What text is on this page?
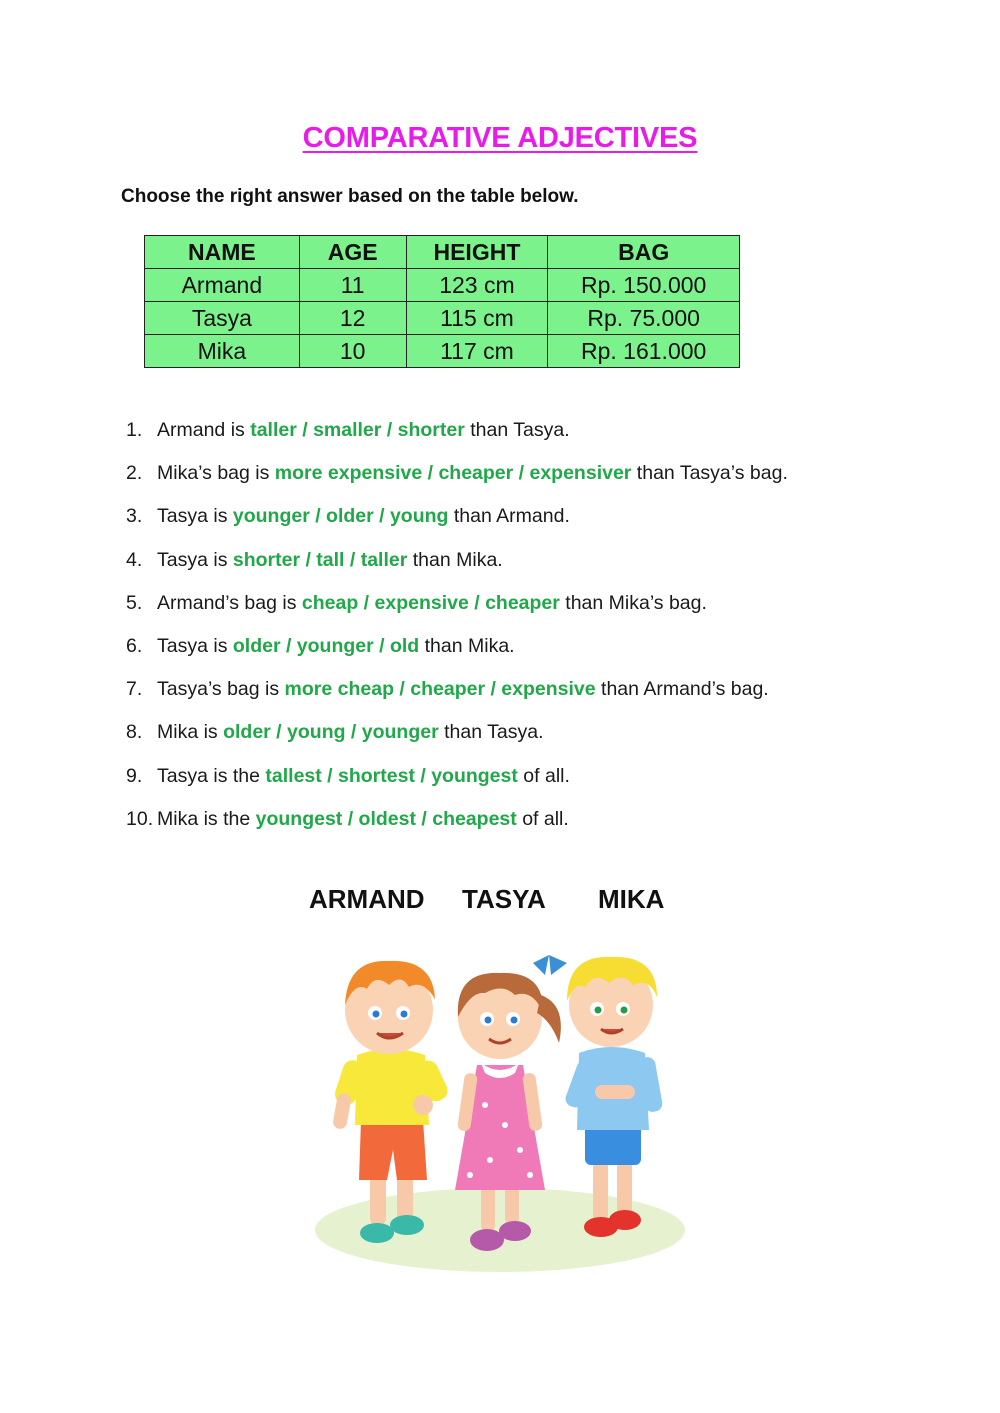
COMPARATIVE ADJECTIVES
Choose the right answer based on the table below.
NAME	AGE	HEIGHT	BAG
Armand	11	123 cm	Rp. 150.000
Tasya	12	115 cm	Rp. 75.000
Mika	10	117 cm	Rp. 161.000
1. Armand is taller / smaller / shorter than Tasya.
2. Mika’s bag is more expensive / cheaper / expensiver than Tasya’s bag.
3. Tasya is younger / older / young than Armand.
4. Tasya is shorter / tall / taller than Mika.
5. Armand’s bag is cheap / expensive / cheaper than Mika’s bag.
6. Tasya is older / younger / old than Mika.
7. Tasya’s bag is more cheap / cheaper / expensive than Armand’s bag.
8. Mika is older / young / younger than Tasya.
9. Tasya is the tallest / shortest / youngest of all.
10. Mika is the youngest / oldest / cheapest of all.
ARMAND TASYA MIKA
